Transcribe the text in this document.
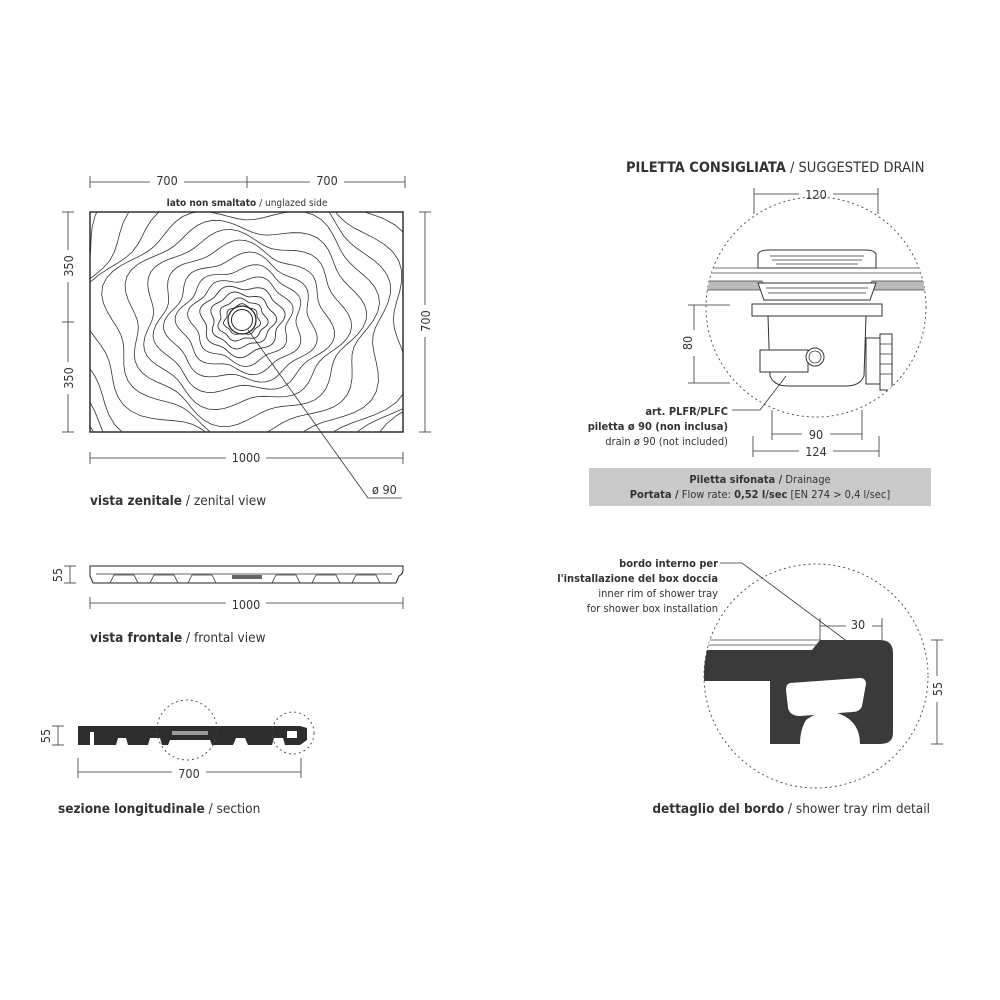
700	700
lato non smaltato / unglazed side
350
350
700
1000
ø 90
vista zenitale / zenital view
55
1000
vista frontale / frontal view
55
700
sezione longitudinale / section
PILETTA CONSIGLIATA / SUGGESTED DRAIN
120
80
art. PLFR/PLFC
piletta ø 90 (non inclusa)
drain ø 90 (not included)	90
124
Piletta sifonata / Drainage
Portata / Flow rate: 0,52 l/sec [EN 274 > 0,4 l/sec]
bordo interno per
l'installazione del box doccia
inner rim of shower tray
for shower box installation
30
55
dettaglio del bordo / shower tray rim detail
